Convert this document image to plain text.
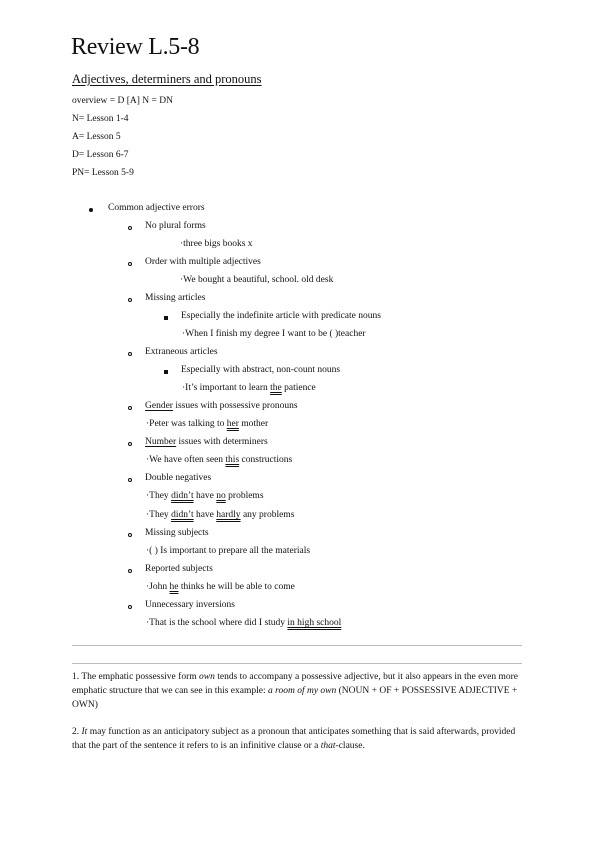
Review L.5-8
Adjectives, determiners and pronouns
overview = D [A] N = DN
N= Lesson 1-4
A= Lesson 5
D= Lesson 6-7
PN= Lesson 5-9
Common adjective errors
No plural forms
·three bigs books x
Order with multiple adjectives
·We bought a beautiful, school. old desk
Missing articles
Especially the indefinite article with predicate nouns
·When I finish my degree I want to be ( )teacher
Extraneous articles
Especially with abstract, non-count nouns
·It’s important to learn the patience
Gender issues with possessive pronouns
·Peter was talking to her mother
Number issues with determiners
·We have often seen this constructions
Double negatives
·They didn’t have no problems
·They didn’t have hardly any problems
Missing subjects
·( ) Is important to prepare all the materials
Reported subjects
·John he thinks he will be able to come
Unnecessary inversions
·That is the school where did I study in high school
1. The emphatic possessive form own tends to accompany a possessive adjective, but it also appears in the even more emphatic structure that we can see in this example: a room of my own (NOUN + OF + POSSESSIVE ADJECTIVE + OWN)
2. It may function as an anticipatory subject as a pronoun that anticipates something that is said afterwards, provided that the part of the sentence it refers to is an infinitive clause or a that-clause.
